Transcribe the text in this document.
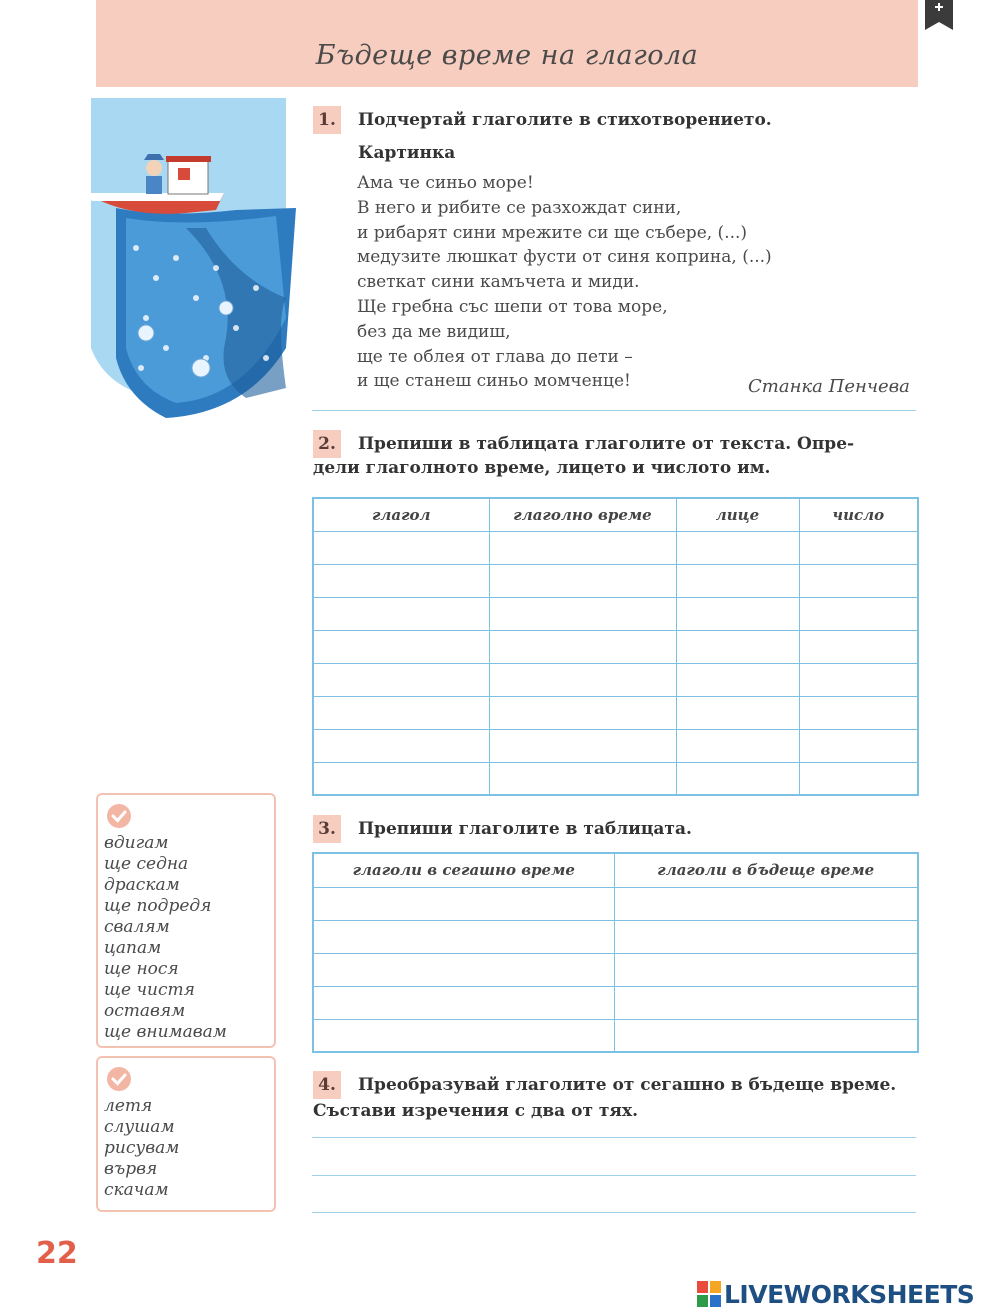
Бъдеще време на глагола
1.	Подчертай глаголите в стихотворението.
Картинка
Ама че синьо море!
В него и рибите се разхождат сини,
и рибарят сини мрежите си ще събере, (...)
медузите люшкат фусти от синя коприна, (...)
светкат сини камъчета и миди.
Ще гребна със шепи от това море,
без да ме видиш,
ще те облея от глава до пети –
и ще станеш синьо момченце!	Станка Пенчева
2.	Препиши в таблицата глаголите от текста. Опре-
дели глаголното време, лицето и числото им.
глагол	глаголно време	лице	число

3.	Препиши глаголите в таблицата.
глаголи в сегашно време	глаголи в бъдеще време

4.	Преобразувай глаголите от сегашно в бъдеще време.
Състави изречения с два от тях.
вдигам
ще седна
драскам
ще подредя
свалям
цапам
ще нося
ще чистя
оставям
ще внимавам
летя
слушам
рисувам
вървя
скачам
22
LIVEWORKSHEETS
